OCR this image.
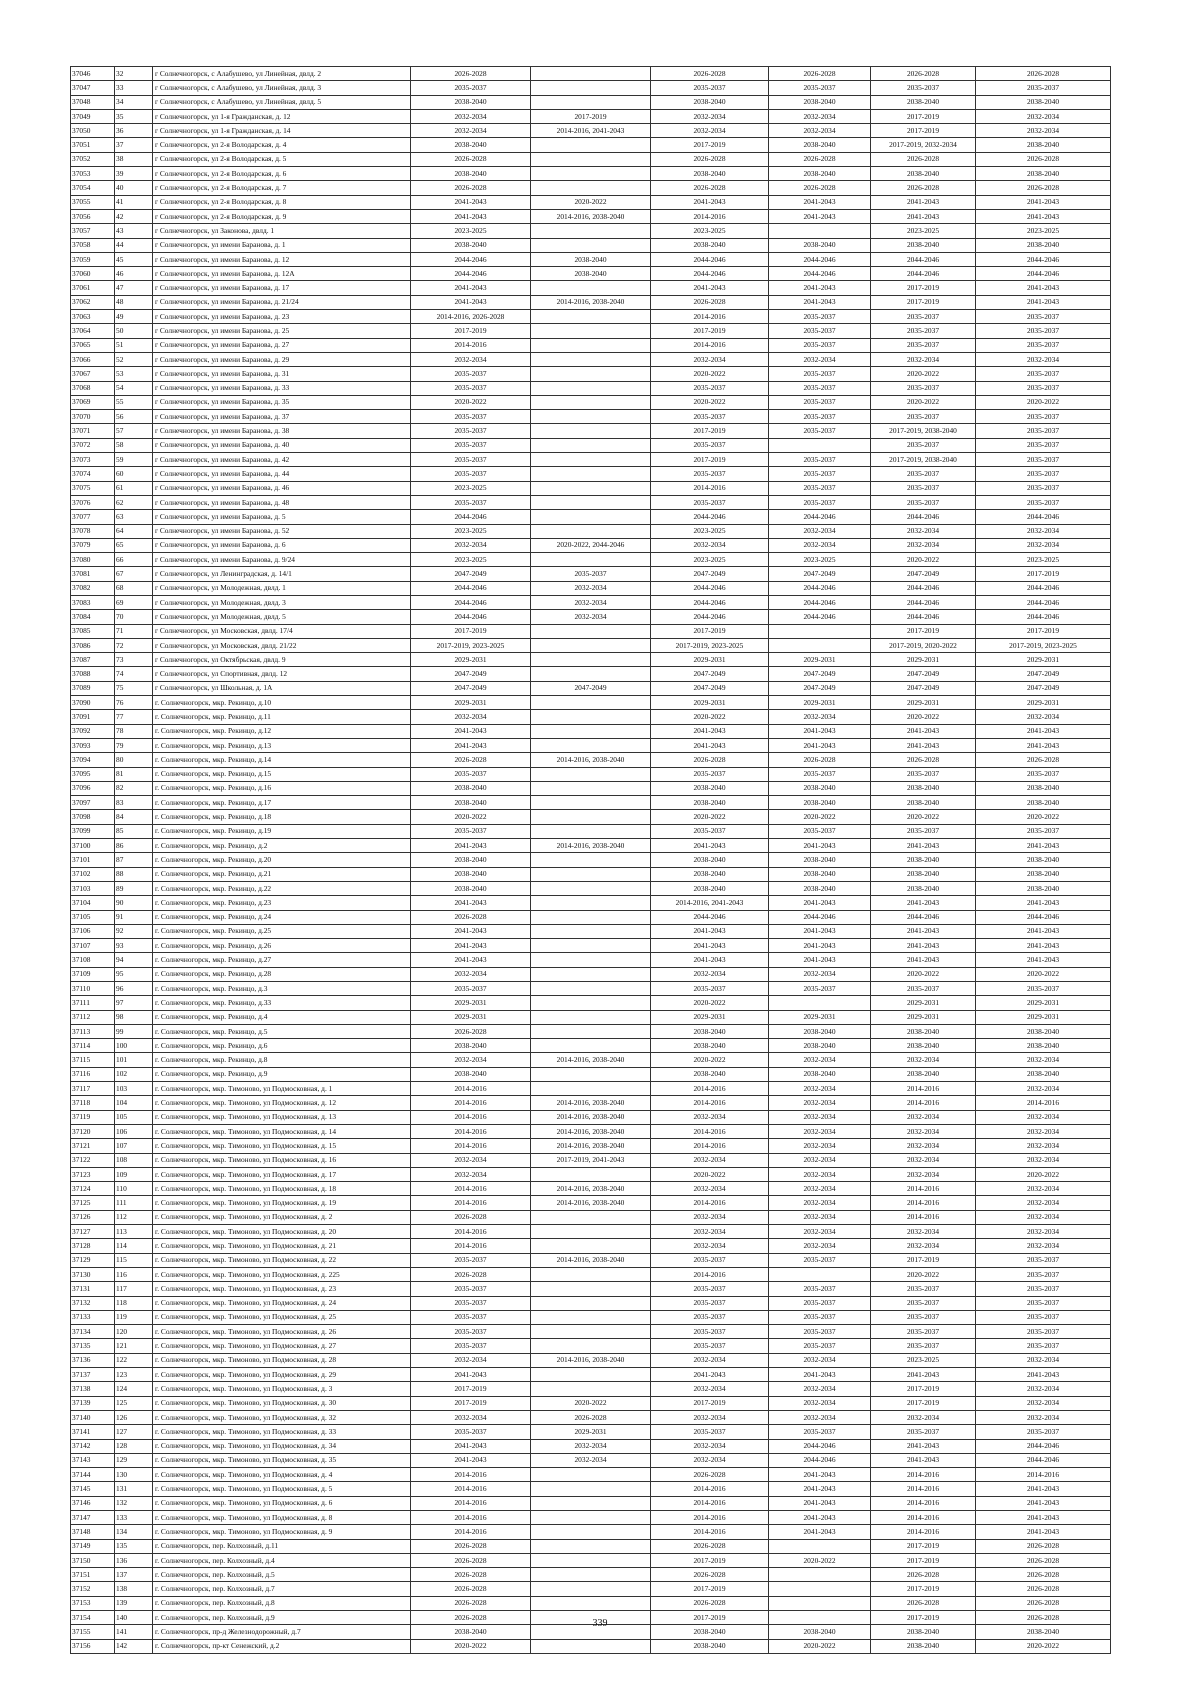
37046	32	г Солнечногорск, с Алабушево, ул Линейная, двлд. 2	2026-2028		2026-2028	2026-2028	2026-2028	2026-2028
37047	33	г Солнечногорск, с Алабушево, ул Линейная, двлд. 3	2035-2037		2035-2037	2035-2037	2035-2037	2035-2037
37048	34	г Солнечногорск, с Алабушево, ул Линейная, двлд. 5	2038-2040		2038-2040	2038-2040	2038-2040	2038-2040
37049	35	г Солнечногорск, ул 1-я Гражданская, д. 12	2032-2034	2017-2019	2032-2034	2032-2034	2017-2019	2032-2034
37050	36	г Солнечногорск, ул 1-я Гражданская, д. 14	2032-2034	2014-2016, 2041-2043	2032-2034	2032-2034	2017-2019	2032-2034
37051	37	г Солнечногорск, ул 2-я Володарская, д. 4	2038-2040		2017-2019	2038-2040	2017-2019, 2032-2034	2038-2040
37052	38	г Солнечногорск, ул 2-я Володарская, д. 5	2026-2028		2026-2028	2026-2028	2026-2028	2026-2028
37053	39	г Солнечногорск, ул 2-я Володарская, д. 6	2038-2040		2038-2040	2038-2040	2038-2040	2038-2040
37054	40	г Солнечногорск, ул 2-я Володарская, д. 7	2026-2028		2026-2028	2026-2028	2026-2028	2026-2028
37055	41	г Солнечногорск, ул 2-я Володарская, д. 8	2041-2043	2020-2022	2041-2043	2041-2043	2041-2043	2041-2043
37056	42	г Солнечногорск, ул 2-я Володарская, д. 9	2041-2043	2014-2016, 2038-2040	2014-2016	2041-2043	2041-2043	2041-2043
37057	43	г Солнечногорск, ул Законова, двлд. 1	2023-2025		2023-2025		2023-2025	2023-2025
37058	44	г Солнечногорск, ул имени Баранова, д. 1	2038-2040		2038-2040	2038-2040	2038-2040	2038-2040
37059	45	г Солнечногорск, ул имени Баранова, д. 12	2044-2046	2038-2040	2044-2046	2044-2046	2044-2046	2044-2046
37060	46	г Солнечногорск, ул имени Баранова, д. 12А	2044-2046	2038-2040	2044-2046	2044-2046	2044-2046	2044-2046
37061	47	г Солнечногорск, ул имени Баранова, д. 17	2041-2043		2041-2043	2041-2043	2017-2019	2041-2043
37062	48	г Солнечногорск, ул имени Баранова, д. 21/24	2041-2043	2014-2016, 2038-2040	2026-2028	2041-2043	2017-2019	2041-2043
37063	49	г Солнечногорск, ул имени Баранова, д. 23	2014-2016, 2026-2028		2014-2016	2035-2037	2035-2037	2035-2037
37064	50	г Солнечногорск, ул имени Баранова, д. 25	2017-2019		2017-2019	2035-2037	2035-2037	2035-2037
37065	51	г Солнечногорск, ул имени Баранова, д. 27	2014-2016		2014-2016	2035-2037	2035-2037	2035-2037
37066	52	г Солнечногорск, ул имени Баранова, д. 29	2032-2034		2032-2034	2032-2034	2032-2034	2032-2034
37067	53	г Солнечногорск, ул имени Баранова, д. 31	2035-2037		2020-2022	2035-2037	2020-2022	2035-2037
37068	54	г Солнечногорск, ул имени Баранова, д. 33	2035-2037		2035-2037	2035-2037	2035-2037	2035-2037
37069	55	г Солнечногорск, ул имени Баранова, д. 35	2020-2022		2020-2022	2035-2037	2020-2022	2020-2022
37070	56	г Солнечногорск, ул имени Баранова, д. 37	2035-2037		2035-2037	2035-2037	2035-2037	2035-2037
37071	57	г Солнечногорск, ул имени Баранова, д. 38	2035-2037		2017-2019	2035-2037	2017-2019, 2038-2040	2035-2037
37072	58	г Солнечногорск, ул имени Баранова, д. 40	2035-2037		2035-2037		2035-2037	2035-2037
37073	59	г Солнечногорск, ул имени Баранова, д. 42	2035-2037		2017-2019	2035-2037	2017-2019, 2038-2040	2035-2037
37074	60	г Солнечногорск, ул имени Баранова, д. 44	2035-2037		2035-2037	2035-2037	2035-2037	2035-2037
37075	61	г Солнечногорск, ул имени Баранова, д. 46	2023-2025		2014-2016	2035-2037	2035-2037	2035-2037
37076	62	г Солнечногорск, ул имени Баранова, д. 48	2035-2037		2035-2037	2035-2037	2035-2037	2035-2037
37077	63	г Солнечногорск, ул имени Баранова, д. 5	2044-2046		2044-2046	2044-2046	2044-2046	2044-2046
37078	64	г Солнечногорск, ул имени Баранова, д. 52	2023-2025		2023-2025	2032-2034	2032-2034	2032-2034
37079	65	г Солнечногорск, ул имени Баранова, д. 6	2032-2034	2020-2022, 2044-2046	2032-2034	2032-2034	2032-2034	2032-2034
37080	66	г Солнечногорск, ул имени Баранова, д. 9/24	2023-2025		2023-2025	2023-2025	2020-2022	2023-2025
37081	67	г Солнечногорск, ул Ленинградская, д. 14/1	2047-2049	2035-2037	2047-2049	2047-2049	2047-2049	2017-2019
37082	68	г Солнечногорск, ул Молодежная, двлд. 1	2044-2046	2032-2034	2044-2046	2044-2046	2044-2046	2044-2046
37083	69	г Солнечногорск, ул Молодежная, двлд. 3	2044-2046	2032-2034	2044-2046	2044-2046	2044-2046	2044-2046
37084	70	г Солнечногорск, ул Молодежная, двлд. 5	2044-2046	2032-2034	2044-2046	2044-2046	2044-2046	2044-2046
37085	71	г Солнечногорск, ул Московская, двлд. 17/4	2017-2019		2017-2019		2017-2019	2017-2019
37086	72	г Солнечногорск, ул Московская, двлд. 21/22	2017-2019, 2023-2025		2017-2019, 2023-2025		2017-2019, 2020-2022	2017-2019, 2023-2025
37087	73	г Солнечногорск, ул Октябрьская, двлд. 9	2029-2031		2029-2031	2029-2031	2029-2031	2029-2031
37088	74	г Солнечногорск, ул Спортивная, двлд. 12	2047-2049		2047-2049	2047-2049	2047-2049	2047-2049
37089	75	г Солнечногорск, ул Школьная, д. 1А	2047-2049	2047-2049	2047-2049	2047-2049	2047-2049	2047-2049
37090	76	г. Солнечногорск, мкр. Рекинцо, д.10	2029-2031		2029-2031	2029-2031	2029-2031	2029-2031
37091	77	г. Солнечногорск, мкр. Рекинцо, д.11	2032-2034		2020-2022	2032-2034	2020-2022	2032-2034
37092	78	г. Солнечногорск, мкр. Рекинцо, д.12	2041-2043		2041-2043	2041-2043	2041-2043	2041-2043
37093	79	г. Солнечногорск, мкр. Рекинцо, д.13	2041-2043		2041-2043	2041-2043	2041-2043	2041-2043
37094	80	г. Солнечногорск, мкр. Рекинцо, д.14	2026-2028	2014-2016, 2038-2040	2026-2028	2026-2028	2026-2028	2026-2028
37095	81	г. Солнечногорск, мкр. Рекинцо, д.15	2035-2037		2035-2037	2035-2037	2035-2037	2035-2037
37096	82	г. Солнечногорск, мкр. Рекинцо, д.16	2038-2040		2038-2040	2038-2040	2038-2040	2038-2040
37097	83	г. Солнечногорск, мкр. Рекинцо, д.17	2038-2040		2038-2040	2038-2040	2038-2040	2038-2040
37098	84	г. Солнечногорск, мкр. Рекинцо, д.18	2020-2022		2020-2022	2020-2022	2020-2022	2020-2022
37099	85	г. Солнечногорск, мкр. Рекинцо, д.19	2035-2037		2035-2037	2035-2037	2035-2037	2035-2037
37100	86	г. Солнечногорск, мкр. Рекинцо, д.2	2041-2043	2014-2016, 2038-2040	2041-2043	2041-2043	2041-2043	2041-2043
37101	87	г. Солнечногорск, мкр. Рекинцо, д.20	2038-2040		2038-2040	2038-2040	2038-2040	2038-2040
37102	88	г. Солнечногорск, мкр. Рекинцо, д.21	2038-2040		2038-2040	2038-2040	2038-2040	2038-2040
37103	89	г. Солнечногорск, мкр. Рекинцо, д.22	2038-2040		2038-2040	2038-2040	2038-2040	2038-2040
37104	90	г. Солнечногорск, мкр. Рекинцо, д.23	2041-2043		2014-2016, 2041-2043	2041-2043	2041-2043	2041-2043
37105	91	г. Солнечногорск, мкр. Рекинцо, д.24	2026-2028		2044-2046	2044-2046	2044-2046	2044-2046
37106	92	г. Солнечногорск, мкр. Рекинцо, д.25	2041-2043		2041-2043	2041-2043	2041-2043	2041-2043
37107	93	г. Солнечногорск, мкр. Рекинцо, д.26	2041-2043		2041-2043	2041-2043	2041-2043	2041-2043
37108	94	г. Солнечногорск, мкр. Рекинцо, д.27	2041-2043		2041-2043	2041-2043	2041-2043	2041-2043
37109	95	г. Солнечногорск, мкр. Рекинцо, д.28	2032-2034		2032-2034	2032-2034	2020-2022	2020-2022
37110	96	г. Солнечногорск, мкр. Рекинцо, д.3	2035-2037		2035-2037	2035-2037	2035-2037	2035-2037
37111	97	г. Солнечногорск, мкр. Рекинцо, д.33	2029-2031		2020-2022		2029-2031	2029-2031
37112	98	г. Солнечногорск, мкр. Рекинцо, д.4	2029-2031		2029-2031	2029-2031	2029-2031	2029-2031
37113	99	г. Солнечногорск, мкр. Рекинцо, д.5	2026-2028		2038-2040	2038-2040	2038-2040	2038-2040
37114	100	г. Солнечногорск, мкр. Рекинцо, д.6	2038-2040		2038-2040	2038-2040	2038-2040	2038-2040
37115	101	г. Солнечногорск, мкр. Рекинцо, д.8	2032-2034	2014-2016, 2038-2040	2020-2022	2032-2034	2032-2034	2032-2034
37116	102	г. Солнечногорск, мкр. Рекинцо, д.9	2038-2040		2038-2040	2038-2040	2038-2040	2038-2040
37117	103	г. Солнечногорск, мкр. Тимоново, ул Подмосковная, д. 1	2014-2016		2014-2016	2032-2034	2014-2016	2032-2034
37118	104	г. Солнечногорск, мкр. Тимоново, ул Подмосковная, д. 12	2014-2016	2014-2016, 2038-2040	2014-2016	2032-2034	2014-2016	2014-2016
37119	105	г. Солнечногорск, мкр. Тимоново, ул Подмосковная, д. 13	2014-2016	2014-2016, 2038-2040	2032-2034	2032-2034	2032-2034	2032-2034
37120	106	г. Солнечногорск, мкр. Тимоново, ул Подмосковная, д. 14	2014-2016	2014-2016, 2038-2040	2014-2016	2032-2034	2032-2034	2032-2034
37121	107	г. Солнечногорск, мкр. Тимоново, ул Подмосковная, д. 15	2014-2016	2014-2016, 2038-2040	2014-2016	2032-2034	2032-2034	2032-2034
37122	108	г. Солнечногорск, мкр. Тимоново, ул Подмосковная, д. 16	2032-2034	2017-2019, 2041-2043	2032-2034	2032-2034	2032-2034	2032-2034
37123	109	г. Солнечногорск, мкр. Тимоново, ул Подмосковная, д. 17	2032-2034		2020-2022	2032-2034	2032-2034	2020-2022
37124	110	г. Солнечногорск, мкр. Тимоново, ул Подмосковная, д. 18	2014-2016	2014-2016, 2038-2040	2032-2034	2032-2034	2014-2016	2032-2034
37125	111	г. Солнечногорск, мкр. Тимоново, ул Подмосковная, д. 19	2014-2016	2014-2016, 2038-2040	2014-2016	2032-2034	2014-2016	2032-2034
37126	112	г. Солнечногорск, мкр. Тимоново, ул Подмосковная, д. 2	2026-2028		2032-2034	2032-2034	2014-2016	2032-2034
37127	113	г. Солнечногорск, мкр. Тимоново, ул Подмосковная, д. 20	2014-2016		2032-2034	2032-2034	2032-2034	2032-2034
37128	114	г. Солнечногорск, мкр. Тимоново, ул Подмосковная, д. 21	2014-2016		2032-2034	2032-2034	2032-2034	2032-2034
37129	115	г. Солнечногорск, мкр. Тимоново, ул Подмосковная, д. 22	2035-2037	2014-2016, 2038-2040	2035-2037	2035-2037	2017-2019	2035-2037
37130	116	г. Солнечногорск, мкр. Тимоново, ул Подмосковная, д. 225	2026-2028		2014-2016		2020-2022	2035-2037
37131	117	г. Солнечногорск, мкр. Тимоново, ул Подмосковная, д. 23	2035-2037		2035-2037	2035-2037	2035-2037	2035-2037
37132	118	г. Солнечногорск, мкр. Тимоново, ул Подмосковная, д. 24	2035-2037		2035-2037	2035-2037	2035-2037	2035-2037
37133	119	г. Солнечногорск, мкр. Тимоново, ул Подмосковная, д. 25	2035-2037		2035-2037	2035-2037	2035-2037	2035-2037
37134	120	г. Солнечногорск, мкр. Тимоново, ул Подмосковная, д. 26	2035-2037		2035-2037	2035-2037	2035-2037	2035-2037
37135	121	г. Солнечногорск, мкр. Тимоново, ул Подмосковная, д. 27	2035-2037		2035-2037	2035-2037	2035-2037	2035-2037
37136	122	г. Солнечногорск, мкр. Тимоново, ул Подмосковная, д. 28	2032-2034	2014-2016, 2038-2040	2032-2034	2032-2034	2023-2025	2032-2034
37137	123	г. Солнечногорск, мкр. Тимоново, ул Подмосковная, д. 29	2041-2043		2041-2043	2041-2043	2041-2043	2041-2043
37138	124	г. Солнечногорск, мкр. Тимоново, ул Подмосковная, д. 3	2017-2019		2032-2034	2032-2034	2017-2019	2032-2034
37139	125	г. Солнечногорск, мкр. Тимоново, ул Подмосковная, д. 30	2017-2019	2020-2022	2017-2019	2032-2034	2017-2019	2032-2034
37140	126	г. Солнечногорск, мкр. Тимоново, ул Подмосковная, д. 32	2032-2034	2026-2028	2032-2034	2032-2034	2032-2034	2032-2034
37141	127	г. Солнечногорск, мкр. Тимоново, ул Подмосковная, д. 33	2035-2037	2029-2031	2035-2037	2035-2037	2035-2037	2035-2037
37142	128	г. Солнечногорск, мкр. Тимоново, ул Подмосковная, д. 34	2041-2043	2032-2034	2032-2034	2044-2046	2041-2043	2044-2046
37143	129	г. Солнечногорск, мкр. Тимоново, ул Подмосковная, д. 35	2041-2043	2032-2034	2032-2034	2044-2046	2041-2043	2044-2046
37144	130	г. Солнечногорск, мкр. Тимоново, ул Подмосковная, д. 4	2014-2016		2026-2028	2041-2043	2014-2016	2014-2016
37145	131	г. Солнечногорск, мкр. Тимоново, ул Подмосковная, д. 5	2014-2016		2014-2016	2041-2043	2014-2016	2041-2043
37146	132	г. Солнечногорск, мкр. Тимоново, ул Подмосковная, д. 6	2014-2016		2014-2016	2041-2043	2014-2016	2041-2043
37147	133	г. Солнечногорск, мкр. Тимоново, ул Подмосковная, д. 8	2014-2016		2014-2016	2041-2043	2014-2016	2041-2043
37148	134	г. Солнечногорск, мкр. Тимоново, ул Подмосковная, д. 9	2014-2016		2014-2016	2041-2043	2014-2016	2041-2043
37149	135	г. Солнечногорск, пер. Колхозный, д.11	2026-2028		2026-2028		2017-2019	2026-2028
37150	136	г. Солнечногорск, пер. Колхозный, д.4	2026-2028		2017-2019	2020-2022	2017-2019	2026-2028
37151	137	г. Солнечногорск, пер. Колхозный, д.5	2026-2028		2026-2028		2026-2028	2026-2028
37152	138	г. Солнечногорск, пер. Колхозный, д.7	2026-2028		2017-2019		2017-2019	2026-2028
37153	139	г. Солнечногорск, пер. Колхозный, д.8	2026-2028		2026-2028		2026-2028	2026-2028
37154	140	г. Солнечногорск, пер. Колхозный, д.9	2026-2028		2017-2019		2017-2019	2026-2028
37155	141	г. Солнечногорск, пр-д Железнодорожный, д.7	2038-2040		2038-2040	2038-2040	2038-2040	2038-2040
37156	142	г. Солнечногорск, пр-кт Сенежский, д.2	2020-2022		2038-2040	2020-2022	2038-2040	2020-2022
339
